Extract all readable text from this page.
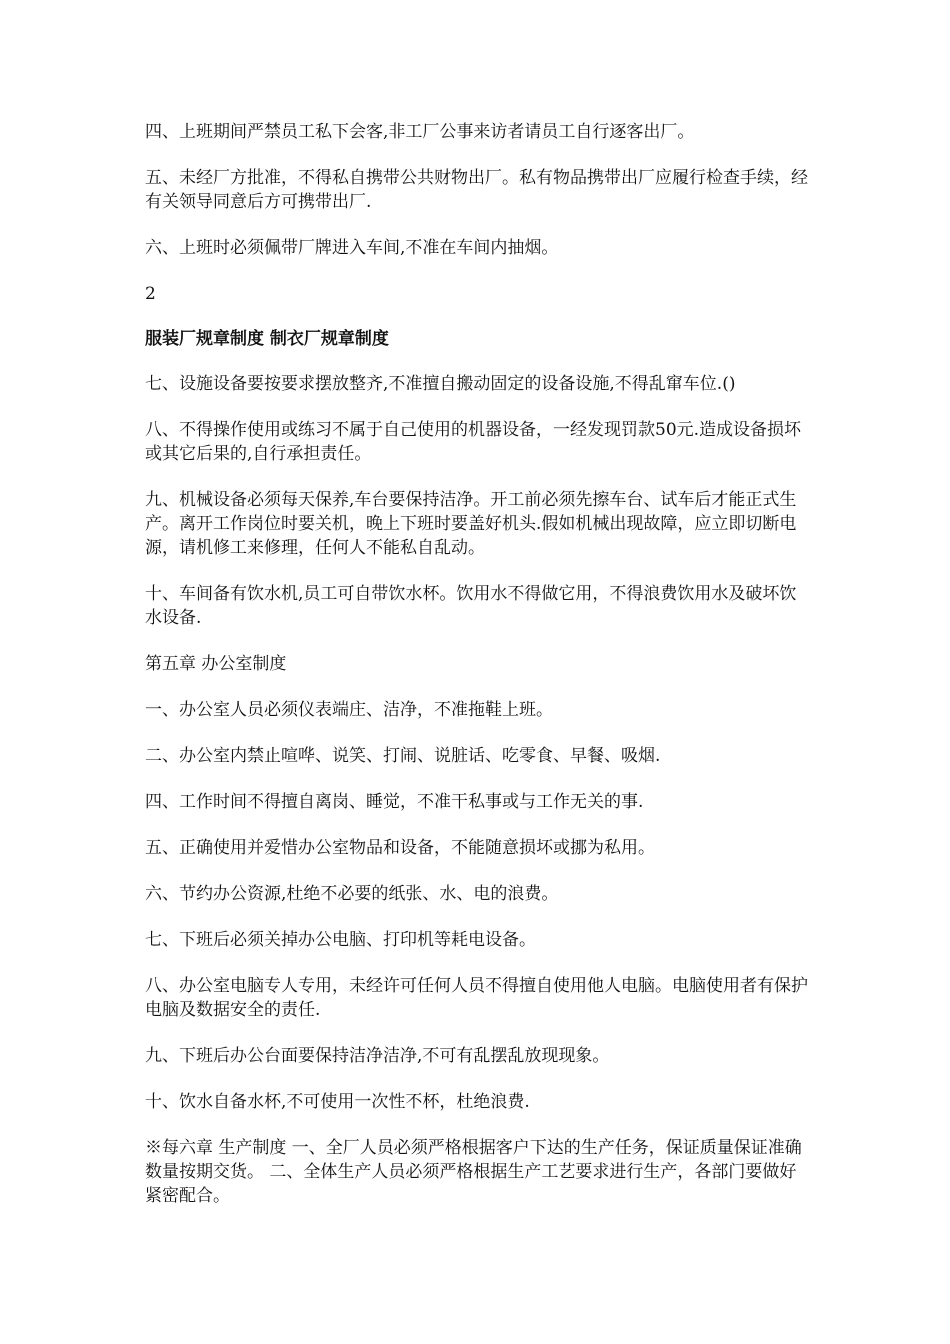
四、上班期间严禁员工私下会客,非工厂公事来访者请员工自行逐客出厂。

五、未经厂方批准，不得私自携带公共财物出厂。私有物品携带出厂应履行检查手续，经有关领导同意后方可携带出厂.

六、上班时必须佩带厂牌进入车间,不准在车间内抽烟。

2

服装厂规章制度 制衣厂规章制度

七、设施设备要按要求摆放整齐,不准擅自搬动固定的设备设施,不得乱窜车位.()

八、不得操作使用或练习不属于自己使用的机器设备，一经发现罚款50元.造成设备损坏或其它后果的,自行承担责任。

九、机械设备必须每天保养,车台要保持洁净。开工前必须先擦车台、试车后才能正式生产。离开工作岗位时要关机，晚上下班时要盖好机头.假如机械出现故障，应立即切断电源，请机修工来修理，任何人不能私自乱动。

十、车间备有饮水机,员工可自带饮水杯。饮用水不得做它用，不得浪费饮用水及破坏饮水设备.

第五章 办公室制度

一、办公室人员必须仪表端庄、洁净，不准拖鞋上班。

二、办公室内禁止喧哗、说笑、打闹、说脏话、吃零食、早餐、吸烟.

四、工作时间不得擅自离岗、睡觉，不准干私事或与工作无关的事.

五、正确使用并爱惜办公室物品和设备，不能随意损坏或挪为私用。

六、节约办公资源,杜绝不必要的纸张、水、电的浪费。

七、下班后必须关掉办公电脑、打印机等耗电设备。

八、办公室电脑专人专用，未经许可任何人员不得擅自使用他人电脑。电脑使用者有保护电脑及数据安全的责任.

九、下班后办公台面要保持洁净洁净,不可有乱摆乱放现现象。

十、饮水自备水杯,不可使用一次性不杯，杜绝浪费.

※每六章 生产制度 一、全厂人员必须严格根据客户下达的生产任务，保证质量保证准确数量按期交货。 二、全体生产人员必须严格根据生产工艺要求进行生产，各部门要做好紧密配合。
